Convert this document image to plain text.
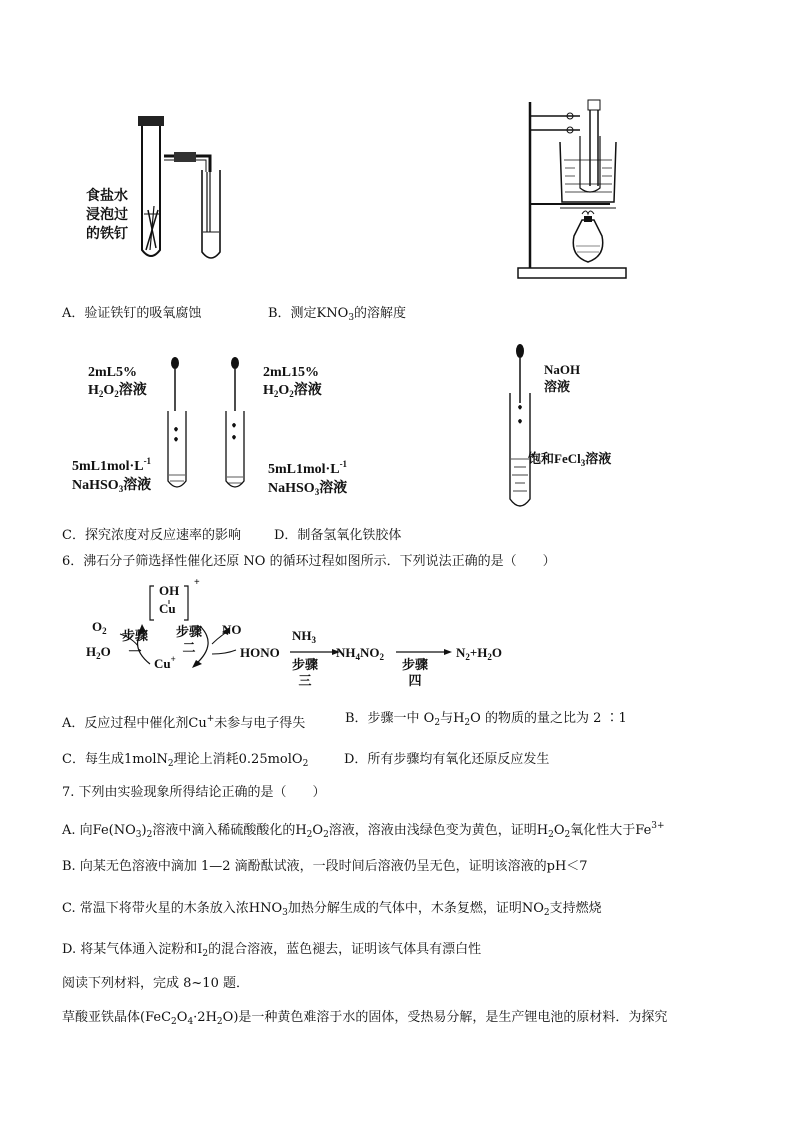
食盐水
浸泡过
的铁钉
A．验证铁钉的吸氧腐蚀	B．测定$KNO_3$的溶解度
2mL5%
$H_2O_2$溶液
2mL15%
$H_2O_2$溶液
$5mL1mol\cdot L^{-1}$
NaHSO$_3$溶液
$5mL1mol\cdot L^{-1}$
NaHSO$_3$溶液
NaOH
溶液
饱和FeCl$_3$溶液
C．探究浓度对反应速率的影响	D．制备氢氧化铁胶体
6．沸石分子筛选择性催化还原 NO 的循环过程如图所示．下列说法正确的是（　　）
OH
Cu
+
$O_2$
$H_2O$
步骤
一
步骤
二
NO
Cu+	HONO
$NH_3$
步骤
三
$NH_4NO_2$ 步骤
四
$N_2+H_2O$
A．反应过程中催化剂Cu+未参与电子得失	B．步骤一中 $O_2$与$H_2O$ 的物质的量之比为 2 ∶1
C．每生成1molN$_2$理论上消耗0.25molO$_2$	D．所有步骤均有氧化还原反应发生
7. 下列由实验现象所得结论正确的是（　　）
A. 向$Fe(NO_3)_2$溶液中滴入稀硫酸酸化的$H_2O_2$溶液，溶液由浅绿色变为黄色，证明$H_2O_2$氧化性大于$Fe^{3+}$
B. 向某无色溶液中滴加 1—2 滴酚酞试液，一段时间后溶液仍呈无色，证明该溶液的pH＜7
C. 常温下将带火星的木条放入浓$HNO_3$加热分解生成的气体中，木条复燃，证明$NO_2$支持燃烧
D. 将某气体通入淀粉和$I_2$的混合溶液，蓝色褪去，证明该气体具有漂白性
阅读下列材料，完成 8~10 题．
草酸亚铁晶体$(FeC_2O_4\cdot 2H_2O)$是一种黄色难溶于水的固体，受热易分解，是生产锂电池的原材料．为探究
